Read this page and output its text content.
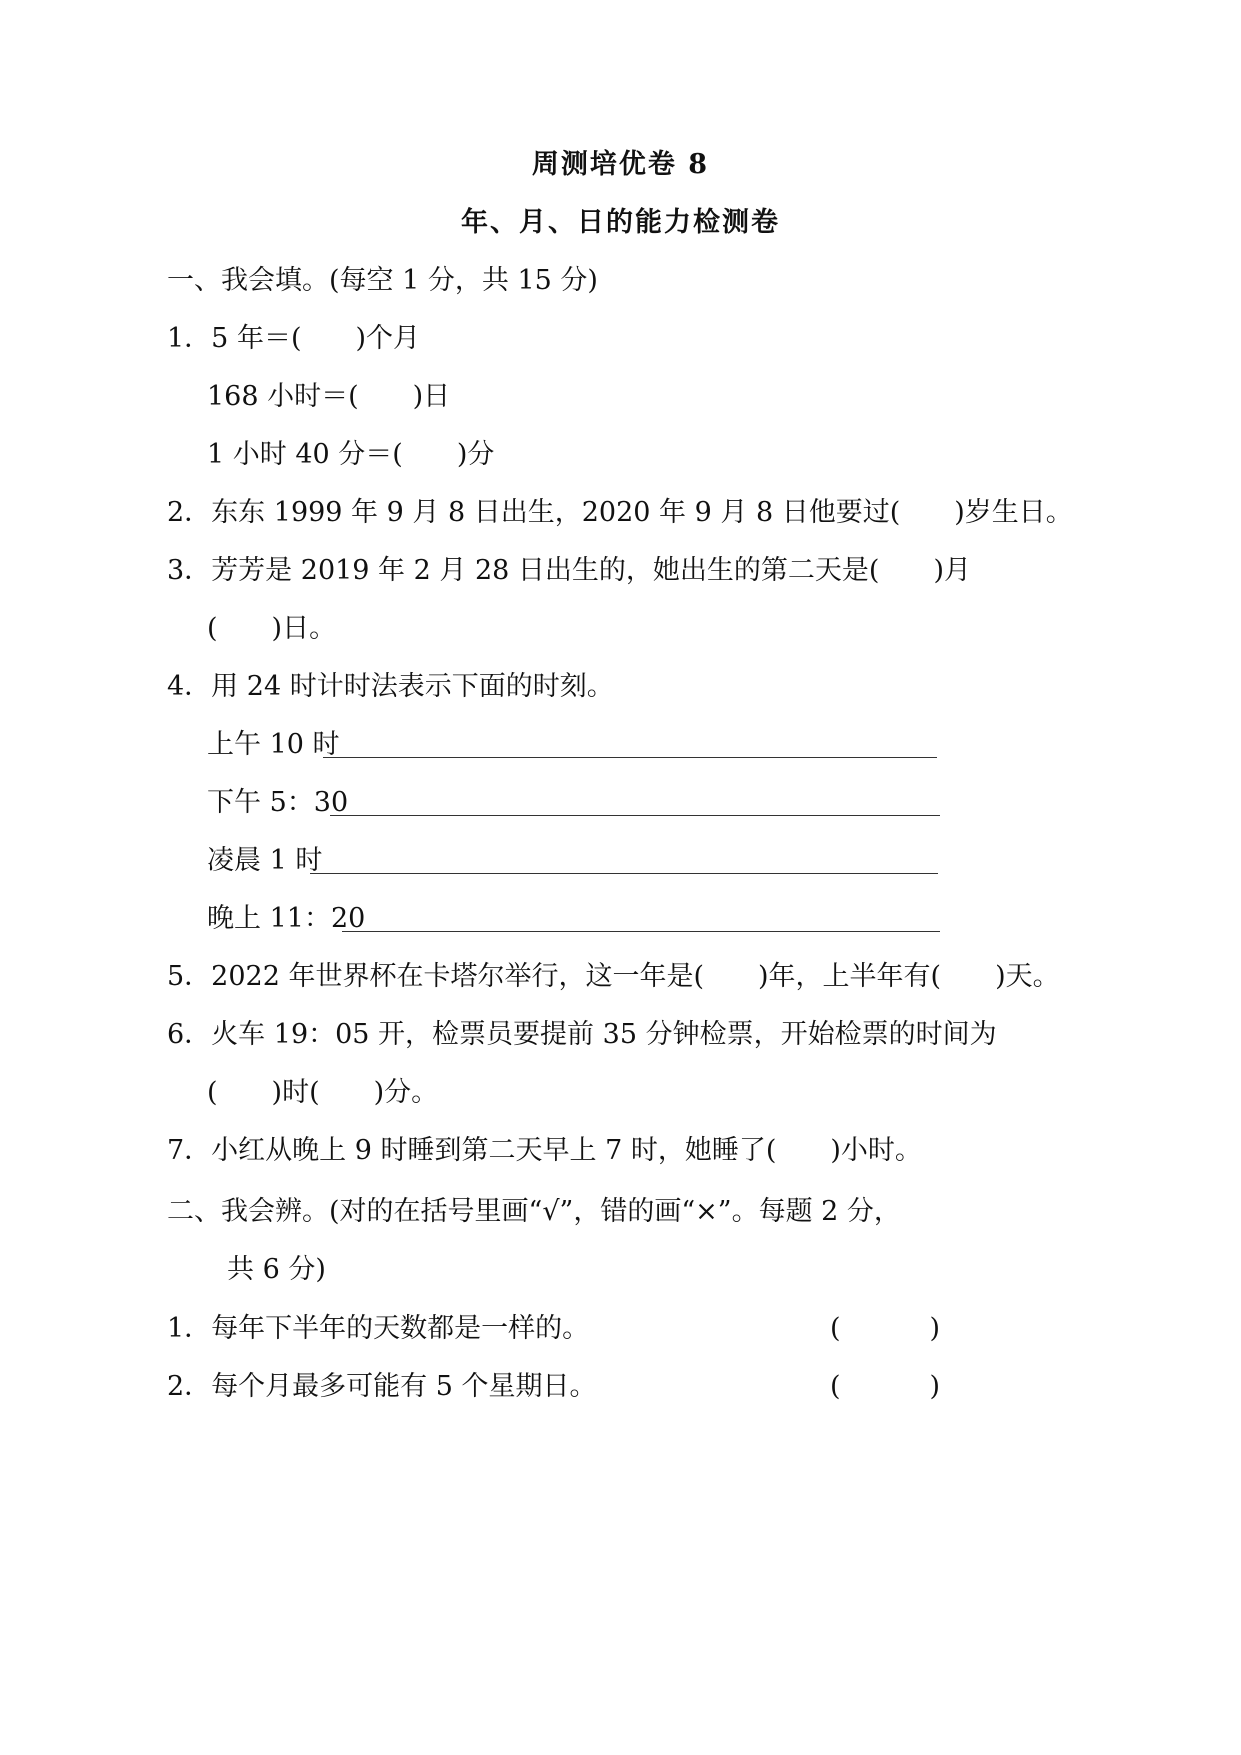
周测培优卷 8
年、月、日的能力检测卷
一、我会填。(每空 1 分，共 15 分)
1．5 年＝(　　)个月
168 小时＝(　　)日
1 小时 40 分＝(　　)分
2．东东 1999 年 9 月 8 日出生，2020 年 9 月 8 日他要过(　　)岁生日。
3．芳芳是 2019 年 2 月 28 日出生的，她出生的第二天是(　　)月
(　　)日。
4．用 24 时计时法表示下面的时刻。
上午 10 时
下午 5：30
凌晨 1 时
晚上 11：20
5．2022 年世界杯在卡塔尔举行，这一年是(　　)年，上半年有(　　)天。
6．火车 19：05 开，检票员要提前 35 分钟检票，开始检票的时间为
(　　)时(　　)分。
7．小红从晚上 9 时睡到第二天早上 7 时，她睡了(　　)小时。
二、我会辨。(对的在括号里画“√”，错的画“×”。每题 2 分，
共 6 分)
1．每年下半年的天数都是一样的。	(	)
2．每个月最多可能有 5 个星期日。	(	)
